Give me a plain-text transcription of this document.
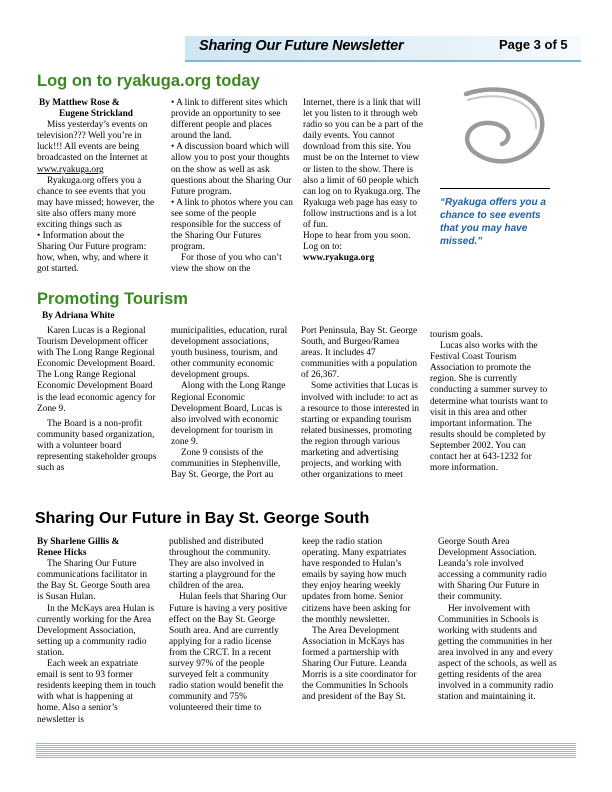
Sharing Our Future Newsletter	Page 3 of 5
Log on to ryakuga.org today

By Matthew Rose &

Eugene Strickland

Miss yesterday’s events on television??? Well you’re in luck!!! All events are being broadcasted on the Internet at www.ryakuga.org

Ryakuga.org offers you a chance to see events that you may have missed; however, the site also offers many more exciting things such as

• Information about the Sharing Our Future program: how, when, why, and where it got started.

• A link to different sites which provide an opportunity to see different people and places around the land.

• A discussion board which will allow you to post your thoughts on the show as well as ask questions about the Sharing Our Future program.

• A link to photos where you can see some of the people responsible for the success of the Sharing Our Futures program.

For those of you who can’t view the show on the

Internet, there is a link that will let you listen to it through web radio so you can be a part of the daily events. You cannot download from this site. You must be on the Internet to view or listen to the show. There is also a limit of 60 people which can log on to Ryakuga.org. The Ryakuga web page has easy to follow instructions and is a lot of fun.

Hope to hear from you soon.

Log on to:

www.ryakuga.org

“Ryakuga offers you a chance to see events that you may have missed.”
Promoting Tourism
By Adriana White

Karen Lucas is a Regional Tourism Development officer with The Long Range Regional Economic Development Board. The Long Range Regional Economic Development Board is the lead economic agency for Zone 9.

The Board is a non-profit community based organization, with a volunteer board representing stakeholder groups such as

municipalities, education, rural development associations, youth business, tourism, and other community economic development groups.

Along with the Long Range Regional Economic Development Board, Lucas is also involved with economic development for tourism in zone 9.

Zone 9 consists of the communities in Stephenville, Bay St. George, the Port au

Port Peninsula, Bay St. George South, and Burgeo/Ramea areas. It includes 47 communities with a population of 26,367.

Some activities that Lucas is involved with include: to act as a resource to those interested in starting or expanding tourism related businesses, promoting the region through various marketing and advertising projects, and working with other organizations to meet

tourism goals.

Lucas also works with the Festival Coast Tourism Association to promote the region. She is currently conducting a summer survey to determine what tourists want to visit in this area and other important information. The results should be completed by September 2002. You can contact her at 643-1232 for more information.

Sharing Our Future in Bay St. George South

By Sharlene Gillis &

Renee Hicks

The Sharing Our Future communications facilitator in the Bay St. George South area is Susan Hulan.

In the McKays area Hulan is currently working for the Area Development Association, setting up a community radio station.

Each week an expatriate email is sent to 93 former residents keeping them in touch with what is happening at home. Also a senior’s newsletter is

published and distributed throughout the community. They are also involved in starting a playground for the children of the area.

Hulan feels that Sharing Our Future is having a very positive effect on the Bay St. George South area. And are currently applying for a radio license from the CRCT. In a recent survey 97% of the people surveyed felt a community radio station would benefit the community and 75% volunteered their time to

keep the radio station operating. Many expatriates have responded to Hulan’s emails by saying how much they enjoy hearing weekly updates from home. Senior citizens have been asking for the monthly newsletter.

The Area Development Association in McKays has formed a partnership with Sharing Our Future. Leanda Morris is a site coordinator for the Communities In Schools and president of the Bay St.

George South Area Development Association. Leanda’s role involved accessing a community radio with Sharing Our Future in their community.

Her involvement with Communities in Schools is working with students and getting the communities in her area involved in any and every aspect of the schools, as well as getting residents of the area involved in a community radio station and maintaining it.
